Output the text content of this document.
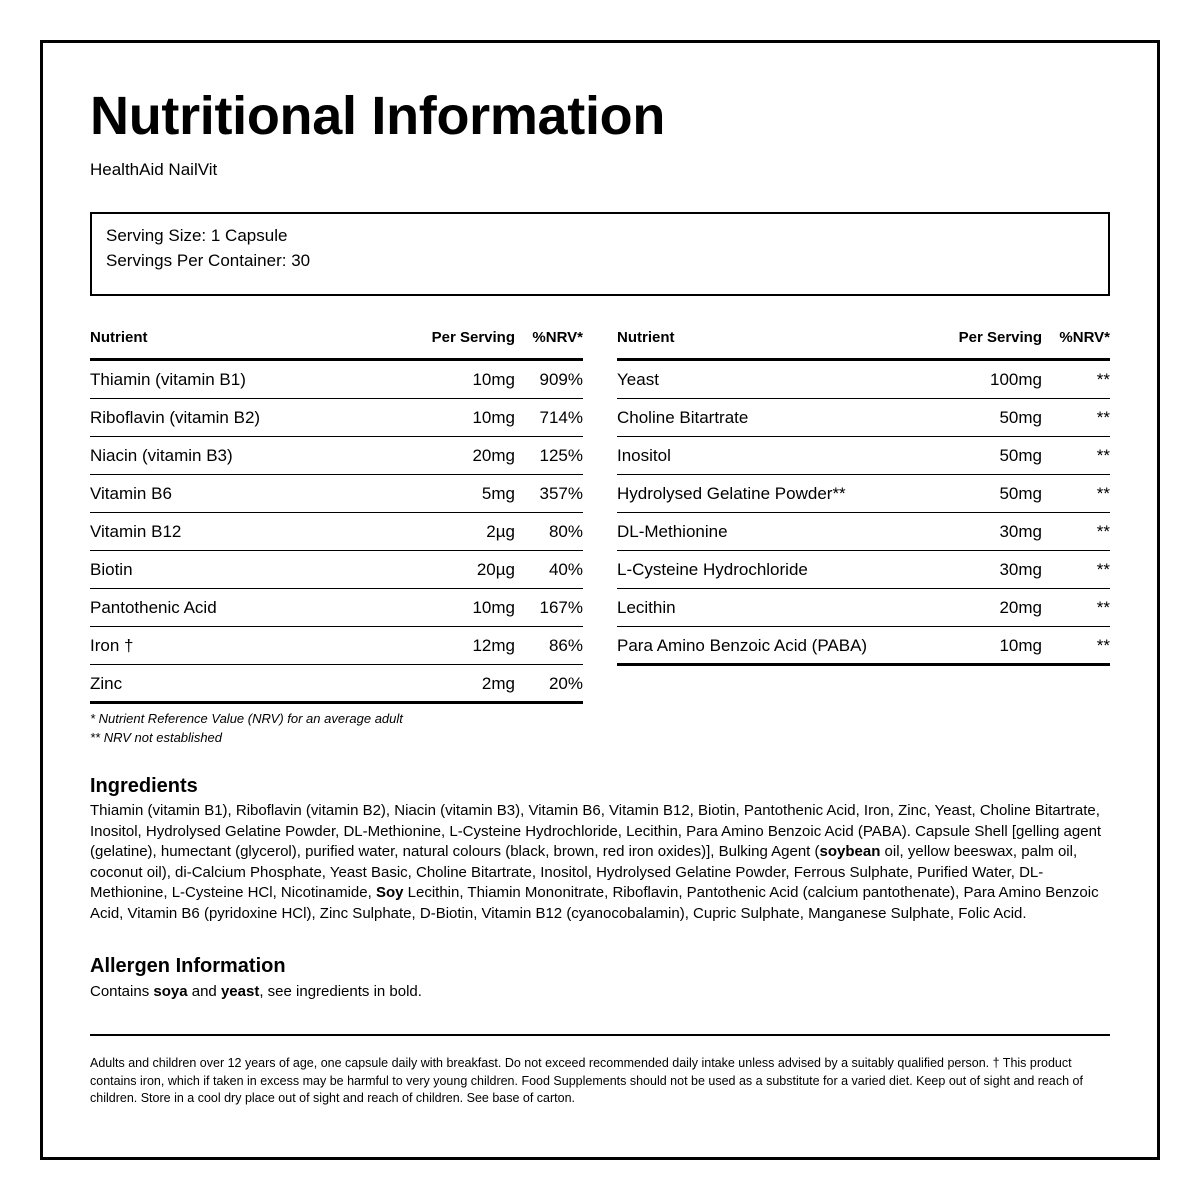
Nutritional Information
HealthAid NailVit
Serving Size: 1 Capsule
Servings Per Container: 30
Nutrient	Per Serving %NRV*
Thiamin (vitamin B1)	10mg 909%
Riboflavin (vitamin B2)	10mg 714%
Niacin (vitamin B3)	20mg 125%
Vitamin B6	5mg 357%
Vitamin B12	2µg 80%
Biotin	20µg 40%
Pantothenic Acid	10mg 167%
Iron †	12mg 86%
Zinc	2mg 20%
Nutrient	Per Serving %NRV*
Yeast	100mg	**
Choline Bitartrate	50mg	**
Inositol	50mg	**
Hydrolysed Gelatine Powder**	50mg	**
DL-Methionine	30mg	**
L-Cysteine Hydrochloride	30mg	**
Lecithin	20mg	**
Para Amino Benzoic Acid (PABA)	10mg	**
* Nutrient Reference Value (NRV) for an average adult
** NRV not established
Ingredients
Thiamin (vitamin B1), Riboflavin (vitamin B2), Niacin (vitamin B3), Vitamin B6, Vitamin B12, Biotin, Pantothenic Acid, Iron, Zinc, Yeast, Choline Bitartrate, Inositol, Hydrolysed Gelatine Powder, DL-Methionine, L-Cysteine Hydrochloride, Lecithin, Para Amino Benzoic Acid (PABA). Capsule Shell [gelling agent (gelatine), humectant (glycerol), purified water, natural colours (black, brown, red iron oxides)], Bulking Agent (soybean oil, yellow beeswax, palm oil, coconut oil), di-Calcium Phosphate, Yeast Basic, Choline Bitartrate, Inositol, Hydrolysed Gelatine Powder, Ferrous Sulphate, Purified Water, DL-Methionine, L-Cysteine HCl, Nicotinamide, Soy Lecithin, Thiamin Mononitrate, Riboflavin, Pantothenic Acid (calcium pantothenate), Para Amino Benzoic Acid, Vitamin B6 (pyridoxine HCl), Zinc Sulphate, D-Biotin, Vitamin B12 (cyanocobalamin), Cupric Sulphate, Manganese Sulphate, Folic Acid.
Allergen Information
Contains soya and yeast, see ingredients in bold.
Adults and children over 12 years of age, one capsule daily with breakfast. Do not exceed recommended daily intake unless advised by a suitably qualified person. † This product contains iron, which if taken in excess may be harmful to very young children. Food Supplements should not be used as a substitute for a varied diet. Keep out of sight and reach of children. Store in a cool dry place out of sight and reach of children. See base of carton.
